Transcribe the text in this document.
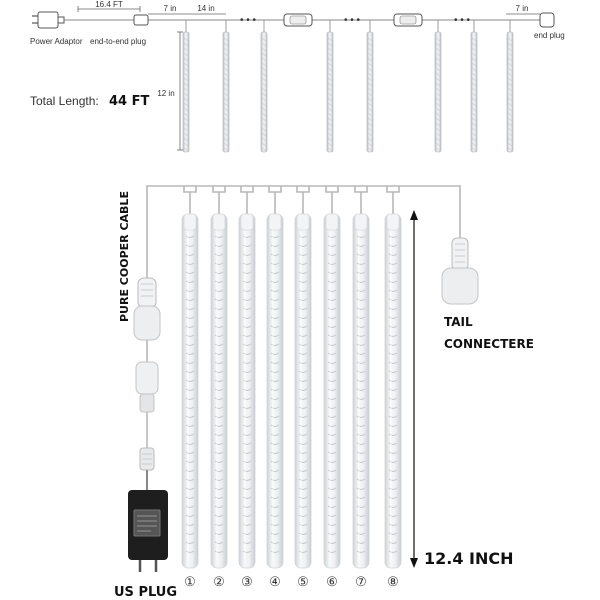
16.4 FT	7 in	14 in
• • •	• • •	• • •
7 in
Power Adaptor end-to-end plug
end plug
12 in
Total Length: 44 FT
PURE COOPER CABLE	TAIL
CONNECTERE
12.4 INCH
US PLUG
① ② ③ ④ ⑤ ⑥ ⑦ ⑧
